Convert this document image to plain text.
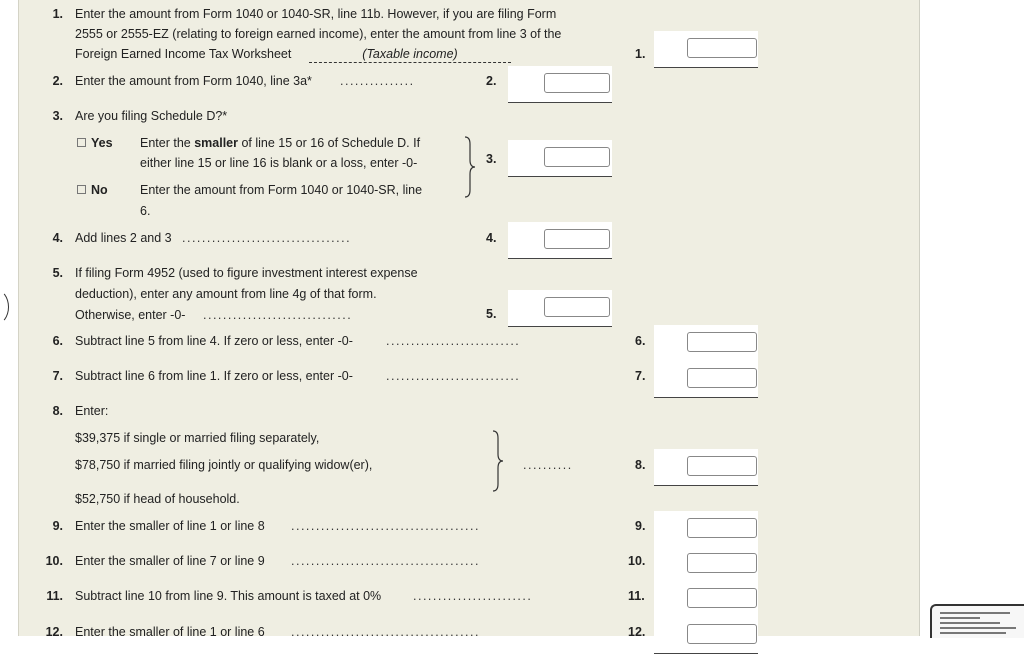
1. Enter the amount from Form 1040 or 1040-SR, line 11b. However, if you are filing Form
2555 or 2555-EZ (relating to foreign earned income), enter the amount from line 3 of the
Foreign Earned Income Tax Worksheet	(Taxable income)	1.
2. Enter the amount from Form 1040, line 3a* ...............	2.
3. Are you filing Schedule D?*
Yes Enter the smaller of line 15 or 16 of Schedule D. If
either line 15 or line 16 is blank or a loss, enter -0-
No	Enter the amount from Form 1040 or 1040-SR, line
6.
3.
4. Add lines 2 and 3 ..................................	4.
5. If filing Form 4952 (used to figure investment interest expense
deduction), enter any amount from line 4g of that form.
Otherwise, enter -0- ..............................	5.
6. Subtract line 5 from line 4. If zero or less, enter -0-	...........................	6.
7. Subtract line 6 from line 1. If zero or less, enter -0-	...........................	7.
8. Enter:
$39,375 if single or married filing separately,
$78,750 if married filing jointly or qualifying widow(er),
$52,750 if head of household.
..........	8.
9. Enter the smaller of line 1 or line 8 ......................................	9.
10. Enter the smaller of line 7 or line 9 ......................................	10.
11. Subtract line 10 from line 9. This amount is taxed at 0%	........................	11.
12. Enter the smaller of line 1 or line 6 ......................................	12.
